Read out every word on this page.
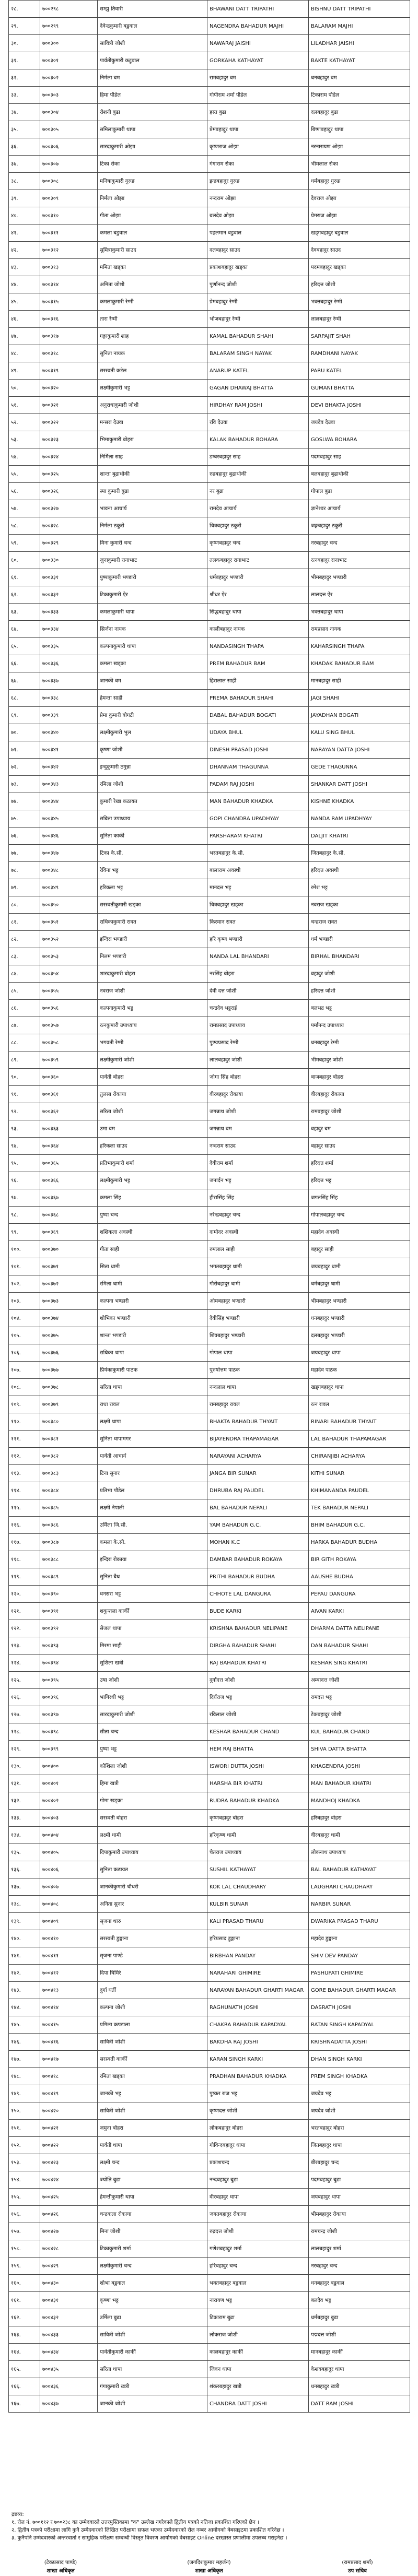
२८.	७००२९८	सम्झु तिवारी	BHAWANI DATT TRIPATHI	BISHNU DATT TRIPATHI
२९.	७००२९९	देवेन्द्रकुमारी बडुवाल	NAGENDRA BAHADUR MAJHI	BALARAM MAJHI
३०.	७००३००	सावित्री जोशी	NAWARAJ JAISHI	LILADHAR JAISHI
३१.	७००३०१	पार्वतीकुमारी कटुवाल	GORKAHA KATHAYAT	BAKTE KATHAYAT
३२.	७००३०२	निर्मला बम	रामबहादुर बम	धनबहादुर बम
३३.	७००३०३	हिमा पौडेल	गोपीराम शर्मा पौडेल	टिकाराम पौडेल
३४.	७००३०४	रोशनी बुढा	हस्त बुढा	दलबहादुर बुढा
३५.	७००३०५	समिलाकुमारी थापा	प्रेमबहादुर थापा	बिष्णबहादुर थापा
३६.	७००३०६	सारदाकुमारी ओझा	कृष्णराज ओझा	नरनारायण ओझा
३७.	७००३०७	टिका रोका	गंगाराम रोका	भीमलाल रोका
३८.	७००३०८	मनिषाकुमारी गुरुङ	इन्द्रबहादुर गुरुङ	धर्मबहादुर गुरुङ
३९.	७००३०९	निर्मला ओझा	नन्दराम ओझा	देवराज ओझा
४०.	७००३१०	गीता ओझा	बलदेव ओझा	प्रेमराज ओझा
४१.	७००३११	कमला बडुवाल	पहलमान बडुवाल	खड्गबहादुर बडुवाल
४२.	७००३१२	सुमित्राकुमारी साउद	दलबहादुर साउद	देवबहादुर साउद
४३.	७००३१३	ममिता खड्का	प्रकाशबहादुर खड्का	पदमबहादुर खड्का
४४.	७००३१४	अमिता जोशी	पूर्णानन्द जोशी	हरिदत्त जोशी
४५.	७००३१५	कमलाकुमारी रेग्मी	प्रेमबहादुर रेग्मी	भक्तबहादुर रेग्मी
४६.	७००३१६	तारा रेग्मी	भोजबहादुर रेग्मी	लालबहादुर रेग्मी
४७.	७००३१७	गङ्गाकुमारी शाह	KAMAL BAHADUR SHAHI	SARPAJIT SHAH
४८.	७००३१८	सुनिता नायक	BALARAM SINGH NAYAK	RAMDHANI NAYAK
४९.	७००३१९	सरस्वती कटेल	ANARUP KATEL	PARU KATEL
५०.	७००३२०	लक्ष्मीकुमारी भट्ट	GAGAN DHAWAJ BHATTA	GUMANI BHATTA
५१.	७००३२१	अनुराधाकुमारी जोशी	HIRDHAY RAM JOSHI	DEVI BHAKTA JOSHI
५२.	७००३२२	मन्सरा देउवा	रवि देउवा	जयदेव देउवा
५३.	७००३२३	भिमाकुमारी बोहरा	KALAK BAHADUR BOHARA	GOSLWA BOHARA
५४.	७००३२४	निर्मिला साह	डम्बरबहादुर साह	पदमबहादुर साह
५५.	७००३२५	शान्ता बुढाथोकी	रुद्रबहादुर बुढाथोकी	बलबहादुर बुढाथोकी
५६.	७००३२६	स्पा कुमारी बुढा	नर बुढा	गोपाल बुढा
५७.	७००३२७	भावना आचार्य	रामदेव आचार्य	ज्ञानेश्वर आचार्य
५८.	७००३२८	निर्मला ठकुरी	चित्रबहादुर ठकुरी	जङ्गबहादुर ठकुरी
५९.	७००३२९	मिना कुमारी चन्द	कृष्णबहादुर चन्द	नरबहादुर चन्द
६०.	७००३३०	जुनाकुमारी रानाभाट	तलकबहादुर रानाभाट	रत्नबहादुर रानाभाट
६१.	७००३३१	पुष्पाकुमारी भण्डारी	धर्मबहादुर भण्डारी	भीमबहादुर भण्डारी
६२.	७००३३२	टिकाकुमारी ऐर	श्रीधर ऐर	लालदत्त ऐर
६३.	७००३३३	कमलाकुमारी थापा	सिद्धबहादुर थापा	भक्तबहादुर थापा
६४.	७००३३४	सिर्जना नायक	कालीबहादुर नायक	रामप्रसाद नायक
६५.	७००३३५	कल्पनाकुमारी थापा	NANDASINGH THAPA	KAHARSINGH THAPA
६६.	७००३३६	कमला खड्का	PREM BAHADUR BAM	KHADAK BAHADUR BAM
६७.	७००३३७	जानकी बम	हिरालाल साही	मानबहादुर साही
६८.	७००३३८	हेमन्ता साही	PREMA BAHADUR SHAHI	JAGI SHAHI
६९.	७००३३९	प्रेमा कुमारी बोगटी	DABAL BAHADUR BOGATI	JAYADHAN BOGATI
७०.	७००३४०	लक्ष्मीकुमारी भुल	UDAYA BHUL	KALU SING BHUL
७१.	७००३४१	कृष्णा जोशी	DINESH PRASAD JOSHI	NARAYAN DATTA JOSHI
७२.	७००३४२	इन्दुकुमारी ठगुन्ना	DHANNAM THAGUNNA	GEDE THAGUNNA
७३.	७००३४३	रमिला जोशी	PADAM RAJ JOSHI	SHANKAR DATT JOSHI
७४.	७००३४४	कुमारी रेखा कठायत	MAN BAHADUR KHADKA	KISHNE KHADKA
७५.	७००३४५	सबिता उपाध्याय	GOPI CHANDRA UPADHYAY	NANDA RAM UPADHYAY
७६.	७००३४६	सुनिता कार्की	PARSHARAM KHATRI	DALJIT KHATRI
७७.	७००३४७	टिका के.सी.	भरतबहादुर के.सी.	जितबहादुर के.सी.
७८.	७००३४८	रेविना भट्ट	बालाराम अवस्थी	हरिदत्त अवस्थी
७९.	७००३४९	हरिकला भट्ट	मानदत्त भट्ट	रमेश भट्ट
८०.	७००३५०	सरस्वतीकुमारी खड्का	चित्रबहादुर खड्का	नवराज खड्का
८१.	७००३५१	राधिकाकुमारी रावत	किरमान रावत	चन्द्रराज रावत
८२.	७००३५२	इन्दिरा भण्डारी	हरि कृष्ण भण्डारी	धर्म भण्डारी
८३.	७००३५३	निलम भण्डारी	NANDA LAL BHANDARI	BIRHAL BHANDARI
८४.	७००३५४	शारदाकुमारी बोहरा	नरसिंह बोहरा	बहादुर जोशी
८५.	७००३५५	नवराज जोशी	देवी दत्त जोशी	हरिदत्त जोशी
८६.	७००३५६	कल्पनाकुमारी भट्ट	चन्द्रदेव भट्टराई	बलभद्र भट्ट
८७.	७००३५७	रत्नकुमारी उपाध्याय	रामप्रसाद उपाध्याय	पर्मानन्द उपाध्याय
८८.	७००३५८	भगवती रेग्मी	पुण्यप्रसाद रेग्मी	धनबहादुर रेग्मी
८९.	७००३५९	लक्ष्मीकुमारी जोशी	लालबहादुर जोशी	भीमबहादुर जोशी
९०.	७००३६०	पार्वती बोहरा	जोगा सिंह बोहरा	बाजबहादुर बोहरा
९१.	७००३६१	तुलसा रोकाया	वीरबहादुर रोकाया	वीरबहादुर रोकाया
९२.	७००३६२	सरिता जोशी	जगन्नाथ जोशी	रामबहादुर जोशी
९३.	७००३६३	उमा बम	जगन्नाथ बम	बहादुर बम
९४.	७००३६४	हरिकला साउद	नन्दराम साउद	बहादुर साउद
९५.	७००३६५	प्रतिभाकुमारी शर्मा	देवीराम शर्मा	हरिदत्त शर्मा
९६.	७००३६६	लक्ष्मीकुमारी भट्ट	जनार्दन भट्ट	हरिदत्त भट्ट
९७.	७००३६७	कमला सिंह	हीरासिंह सिंह	जगतसिंह सिंह
९८.	७००३६८	पुष्पा चन्द	नरेन्द्रबहादुर चन्द	गोपालबहादुर चन्द
९९.	७००३६९	शशिकला अवस्थी	दामोदर अवस्थी	महादेव अवस्थी
१००.	७००३७०	गीता साही	रुपलाल साही	बहादुर साही
१०१.	७००३७१	सिता धामी	भगतबहादुर धामी	जयबहादुर धामी
१०२.	७००३७२	रमिला धामी	गौरीबहादुर धामी	धर्मबहादुर धामी
१०३.	७००३७३	कल्पना भण्डारी	ओमबहादुर भण्डारी	भीमबहादुर भण्डारी
१०४.	७००३७४	शोभिका भण्डारी	देवीसिंह भण्डारी	धनबहादुर भण्डारी
१०५.	७००३७५	शान्ता भण्डारी	शिवबहादुर भण्डारी	दलबहादुर भण्डारी
१०६.	७००३७६	राधिका थापा	गोपाल थापा	जयबहादुर थापा
१०७.	७००३७७	प्रियंकाकुमारी पाठक	पुरुषोत्तम पाठक	महादेव पाठक
१०८.	७००३७८	सरिता थापा	नन्दलाल थापा	खड्गबहादुर थापा
१०९.	७००३७९	राधा रावल	रामबहादुर रावल	रत्न रावल
११०.	७००३८०	लक्ष्मी थापा	BHAKTA BAHADUR THYAIT	RINARI BAHADUR THYAIT
१११.	७००३८१	सुनिता थापामगर	BIJAYENDRA THAPAMAGAR	LAL BAHADUR THAPAMAGAR
११२.	७००३८२	पार्वती आचार्य	NARAYANI ACHARYA	CHIRANJIBI ACHARYA
११३.	७००३८३	टिना सुनार	JANGA BIR SUNAR	KITHI SUNAR
११४.	७००३८४	प्रतिभा पौडेल	DHRUBA RAJ PAUDEL	KHIMANANDA PAUDEL
११५.	७००३८५	लक्ष्मी नेपाली	BAL BAHADUR NEPALI	TEK BAHADUR NEPALI
११६.	७००३८६	उर्मिला जि.सी.	YAM BAHADUR G.C.	BHIM BAHADUR G.C.
११७.	७००३८७	कमला के.सी.	MOHAN K.C	HARKA BAHADUR BUDHA
११८.	७००३८८	इन्दिरा रोकाया	DAMBAR BAHADUR ROKAYA	BIR GITH ROKAYA
११९.	७००३८९	सुनिता बैध	PRITHI BAHADUR BUDHA	AAUSHE BUDHA
१२०.	७००३९०	धनसरा भट्ट	CHHOTE LAL DANGURA	PEPAU DANGURA
१२१.	७००३९१	शकुन्तला कार्की	BUDE KARKI	AIVAN KARKI
१२२.	७००३९२	सेजल थापा	KRISHNA BAHADUR NELIPANE	DHARMA DATTA NELIPANE
१२३.	७००३९३	मिरमा साही	DIRGHA BAHADUR SHAHI	DAN BAHADUR SHAHI
१२४.	७००३९४	सुशिला खत्री	RAJ BAHADUR KHATRI	KESHAR SING KHATRI
१२५.	७००३९५	उषा जोशी	दुर्गादत्त जोशी	अम्बादत्त जोशी
१२६.	७००३९६	भागिरथी भट्ट	दिर्घराज भट्ट	रामदत्त भट्ट
१२७.	७००३९७	सारदाकुमारी जोशी	रविलाल जोशी	टेकबहादुर जोशी
१२८.	७००३९८	सीता चन्द	KESHAR BAHADUR CHAND	KUL BAHADUR CHAND
१२९.	७००३९९	पुष्पा भट्ट	HEM RAJ BHATTA	SHIVA DATTA BHATTA
१३०.	७००४००	कौशिला जोशी	ISWORI DUTTA JOSHI	KHAGENDRA JOSHI
१३१.	७००४०१	हिमा खत्री	HARSHA BIR KHATRI	MAN BAHADUR KHATRI
१३२.	७००४०२	गोमा खड्का	RUDRA BAHADUR KHADKA	MANDHOJ KHADKA
१३३.	७००४०३	सरस्वती बोहरा	कृष्णबहादुर बोहरा	हरिबहादुर बोहरा
१३४.	७००४०४	लक्ष्मी धामी	हरिकृष्ण धामी	वीरबहादुर धामी
१३५.	७००४०५	दिपाकुमारी उपाध्याय	चेतराज उपाध्याय	लोकनाथ उपाध्याय
१३६.	७००४०६	सुनिता कठायत	SUSHIL KATHAYAT	BAL BAHADUR KATHAYAT
१३७.	७००४०७	जानकीकुमारी चौधरी	KOK LAL CHAUDHARY	LAUGHARI CHAUDHARY
१३८.	७००४०८	अनिता सुनार	KULBIR SUNAR	NARBIR SUNAR
१३९.	७००४०९	सृजना थारु	KALI PRASAD THARU	DWARIKA PRASAD THARU
१४०.	७००४१०	सरस्वती डुङ्गाना	हरिप्रसाद डुङ्गाना	महादेव डुङ्गाना
१४१.	७००४११	सृजना पाण्डे	BIRBHAN PANDAY	SHIV DEV PANDAY
१४२.	७००४१२	दिपा घिमिरे	NARAHARI GHIMIRE	PASHUPATI GHIMIRE
१४३.	७००४१३	दुर्गा घर्ती	NARAYAN BAHADUR GHARTI MAGAR	GORE BAHADUR GHARTI MAGAR
१४४.	७००४१४	कल्पना जोशी	RAGHUNATH JOSHI	DASRATH JOSHI
१४५.	७००४१५	प्रमिला कपडाला	CHAKRA BAHADUR KAPADYAL	RATAN SINGH KAPADYAL
१४६.	७००४१६	सावित्री जोशी	BAKDHA RAJ JOSHI	KRISHNADATTA JOSHI
१४७.	७००४१७	सरस्वती कार्की	KARAN SINGH KARKI	DHAN SINGH KARKI
१४८.	७००४१८	रमिता खड्का	PRADHAN BAHADUR KHADKA	PREM SINGH KHADKA
१४९.	७००४१९	जानकी भट्ट	पुष्कर राज भट्ट	जयदेव भट्ट
१५०.	७००४२०	सावित्री जोशी	कृष्णदत्त जोशी	जयदेव जोशी
१५१.	७००४२१	जमुना बोहरा	लोकबहादुर बोहरा	भरतबहादुर बोहरा
१५२.	७००४२२	पार्वती थापा	गोविन्दबहादुर थापा	जितबहादुर थापा
१५३.	७००४२३	लक्ष्मी चन्द	प्रकाशचन्द	बीरबहादुर चन्द
१५४.	७००४२४	ज्योति बुढा	नन्दबहादुर बुढा	पदमबहादुर बुढा
१५५.	७००४२५	हेमन्तीकुमारी थापा	वीरबहादुर थापा	जयबहादुर थापा
१५६.	७००४२६	चन्द्रकला रोकाया	जगतबहादुर रोकाया	भीमबहादुर रोकाया
१५७.	७००४२७	मिना जोशी	रुद्रदत्त जोशी	रामचन्द्र जोशी
१५८.	७००४२८	टिकाकुमारी शर्मा	गणेशबहादुर शर्मा	लालबहादुर शर्मा
१५९.	७००४२९	लक्ष्मीकुमारी चन्द	हरिबहादुर चन्द	नरबहादुर चन्द
१६०.	७००४३०	शोभा बडुवाल	भक्तबहादुर बडुवाल	धनबहादुर बडुवाल
१६१.	७००४३१	कृष्णा भट्ट	नारायण भट्ट	बलदेव भट्ट
१६२.	७००४३२	उर्मिला बुढा	टिकाराम बुढा	धर्मबहादुर बुढा
१६३.	७००४३३	सावित्री जोशी	लोकराज जोशी	पद्मदत्त जोशी
१६४.	७००४३४	पार्वतीकुमारी कार्की	कालबहादुर कार्की	मानबहादुर कार्की
१६५.	७००४३५	सरिता थापा	जिवन थापा	केशवबहादुर थापा
१६६.	७००४३६	गंगाकुमारी खत्री	शंकरबहादुर खत्री	धनबहादुर खत्री
१६७.	७००४३७	जानकी जोशी	CHANDRA DATT JOSHI	DATT RAM JOSHI

द्रष्टव्य:

१. रोल नं. ७००११२ र ७००२३८ का उम्मेदवारले उत्तरपुस्तिकामा "क" उल्लेख नगरेकाले द्वितीय पत्रको नतिजा प्रकाशित गरिएको छैन ।

२. द्वितीय पत्रको परीक्षामा लागि कुनै उम्मेदवारको लिखित परीक्षामा सफल भएका उम्मेदवारको रोल नम्बर आयोगको वेबसाइटमा प्रकाशित गरिनेछ ।

३. कुनैपनि उम्मेदवारको अन्तरवार्ता र सामुहिक परीक्षण सम्बन्धी विस्तृत विवरण आयोगको वेबसाइट Online दरखास्त प्रणालीमा उपलब्ध गराइनेछ ।

(टेकप्रसाद पाण्डे)
शाखा अधिकृत
(जगदिशकुमार महर्जन)
शाखा अधिकृत
(रामप्रसाद शर्मा)
उप सचिव
